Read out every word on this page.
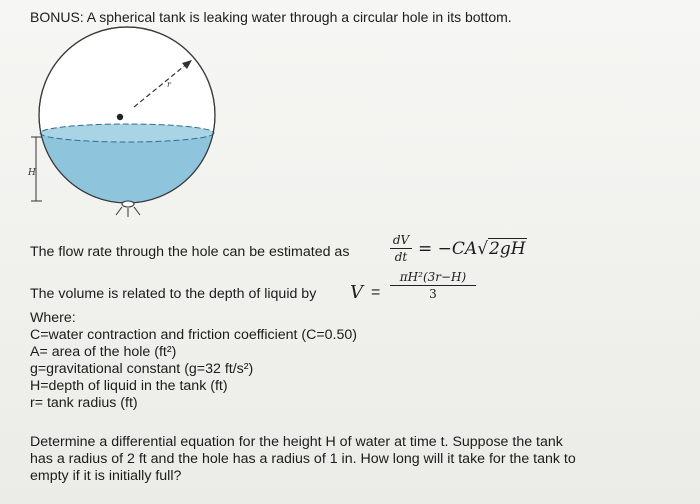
BONUS: A spherical tank is leaking water through a circular hole in its bottom.
r
H
The flow rate through the hole can be estimated as
dV
dt = −CA√2gH
The volume is related to the depth of liquid by V =
πH²(3r−H)
3
Where:
C=water contraction and friction coefficient (C=0.50)
A= area of the hole (ft²)
g=gravitational constant (g=32 ft/s²)
H=depth of liquid in the tank (ft)
r= tank radius (ft)
Determine a differential equation for the height H of water at time t. Suppose the tank
has a radius of 2 ft and the hole has a radius of 1 in. How long will it take for the tank to
empty if it is initially full?
